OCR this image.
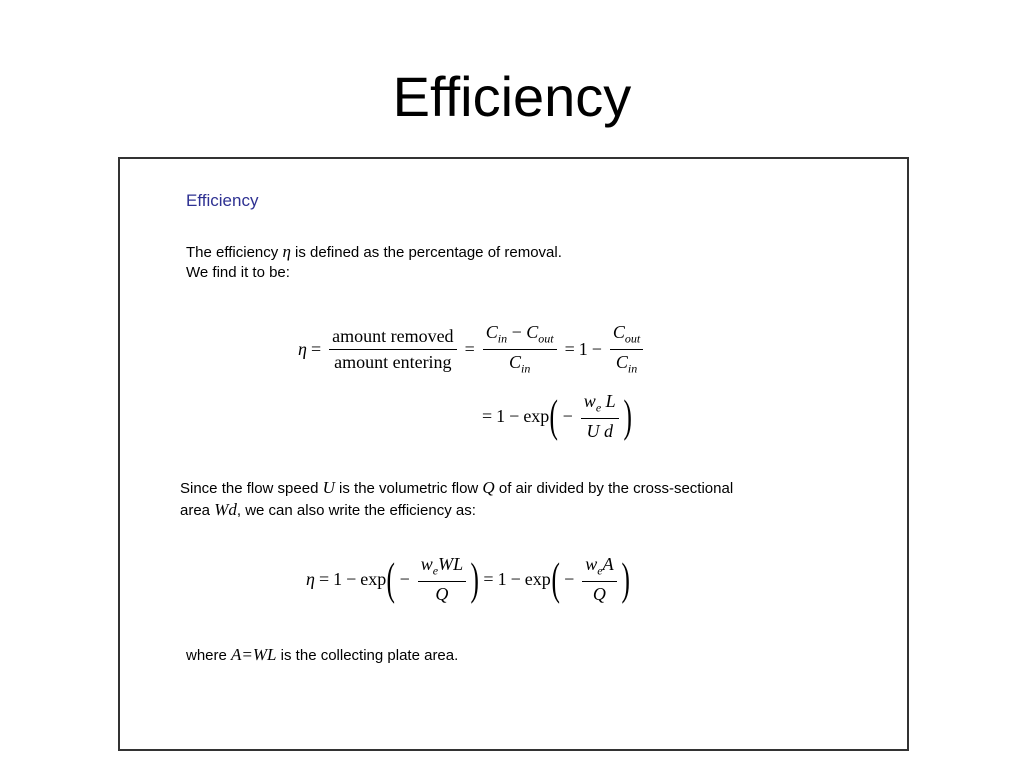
Efficiency
Efficiency
The efficiency η is defined as the percentage of removal.
We find it to be:
$\eta = \frac{\text{amount removed}}{\text{amount entering}} = \frac{C_{in} - C_{out}}{C_{in}} = 1 - \frac{C_{out}}{C_{in}}$
= 1 − exp ( − $\frac{w_e L}{\text{U d}}$ )
Since the flow speed U is the volumetric flow Q of air divided by the cross-sectional
area Wd, we can also write the efficiency as:
η = 1 − exp ( − $\frac{w_eWL}{Q}$ ) = 1 − exp ( − $\frac{w_eA}{Q}$ )
where A=WL is the collecting plate area.
